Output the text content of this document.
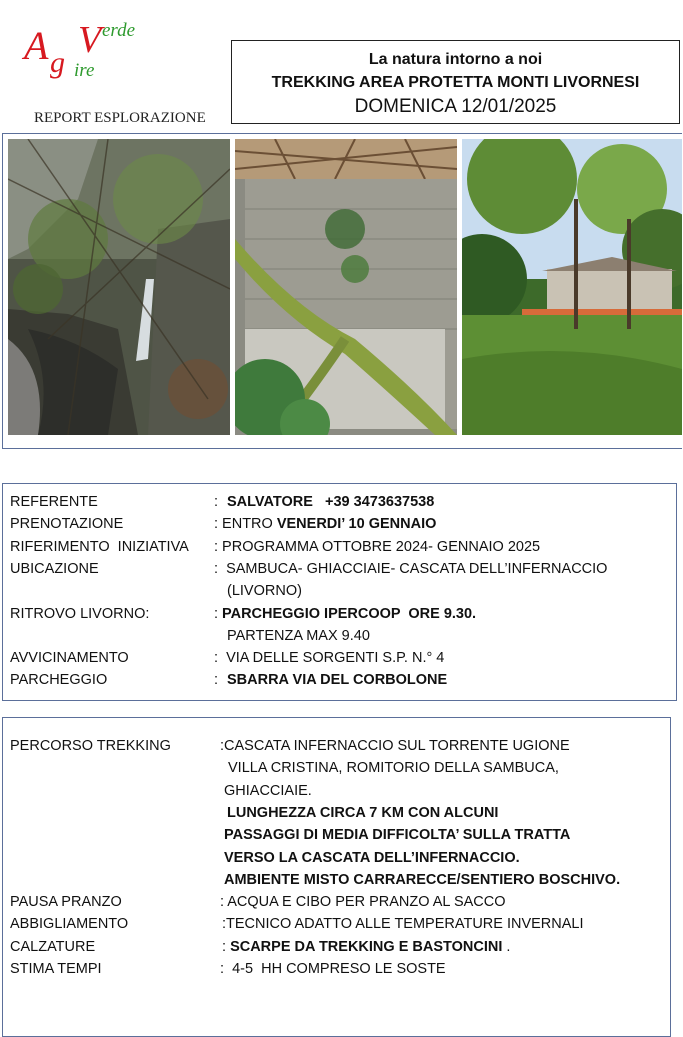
A V
g
erde
ire
REPORT ESPLORAZIONE
La natura intorno a noi
TREKKING AREA PROTETTA MONTI LIVORNESI
DOMENICA 12/01/2025
REFERENTE	: SALVATORE   +39 3473637538
PRENOTAZIONE	: ENTRO VENERDI’ 10 GENNAIO
RIFERIMENTO  INIZIATIVA : PROGRAMMA OTTOBRE 2024- GENNAIO 2025
UBICAZIONE	:  SAMBUCA- GHIACCIAIE- CASCATA DELL’INFERNACCIO
(LIVORNO)
RITROVO LIVORNO:	: PARCHEGGIO IPERCOOP  ORE 9.30.
PARTENZA MAX 9.40
AVVICINAMENTO	:  VIA DELLE SORGENTI S.P. N.° 4
PARCHEGGIO	: SBARRA VIA DEL CORBOLONE
PERCORSO TREKKING	:CASCATA INFERNACCIO SUL TORRENTE UGIONE
VILLA CRISTINA, ROMITORIO DELLA SAMBUCA,
GHIACCIAIE.
LUNGHEZZA CIRCA 7 KM CON ALCUNI
PASSAGGI DI MEDIA DIFFICOLTA’ SULLA TRATTA
VERSO LA CASCATA DELL’INFERNACCIO.
AMBIENTE MISTO CARRARECCE/SENTIERO BOSCHIVO.
PAUSA PRANZO	: ACQUA E CIBO PER PRANZO AL SACCO
ABBIGLIAMENTO	:TECNICO ADATTO ALLE TEMPERATURE INVERNALI
CALZATURE	: SCARPE DA TREKKING E BASTONCINI .
STIMA TEMPI	:  4-5  HH COMPRESO LE SOSTE
